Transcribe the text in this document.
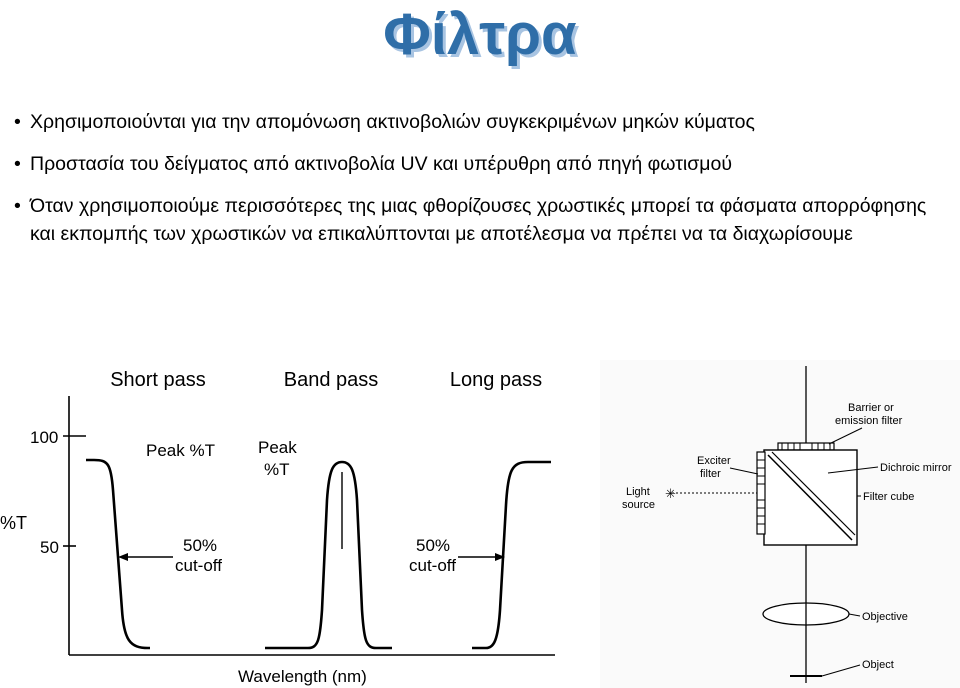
Φίλτρα
• Χρησιμοποιούνται για την απομόνωση ακτινοβολιών συγκεκριμένων μηκών κύματος
• Προστασία του δείγματος από ακτινοβολία UV και υπέρυθρη από πηγή φωτισμού
• Όταν χρησιμοποιούμε περισσότερες της μιας φθορίζουσες χρωστικές μπορεί τα φάσματα απορρόφησης και εκπομπής των χρωστικών να επικαλύπτονται με αποτέλεσμα να πρέπει να τα διαχωρίσουμε
Short pass	Band pass	Long pass
100
50
%T
Wavelength (nm)
Peak %T	Peak
%T
50%
cut-off
50%
cut-off
✳
Barrier or
emission filter
Exciter
filter	Dichroic mirror
Light
source
Filter cube
Objective
Object
